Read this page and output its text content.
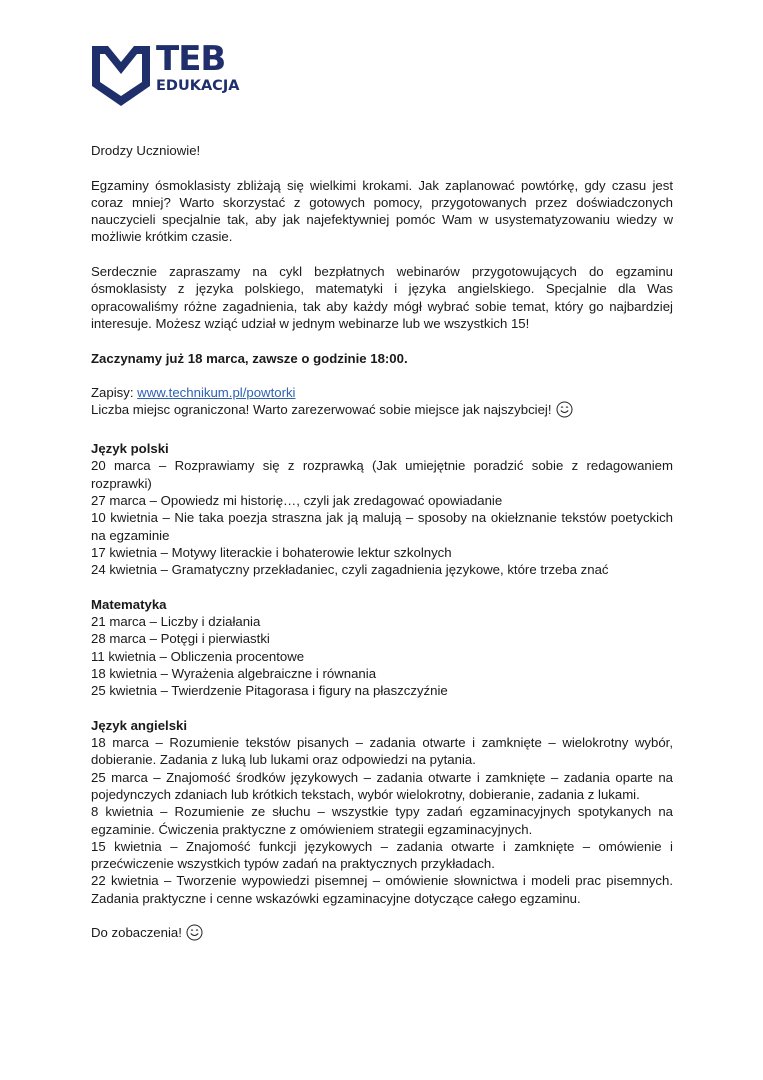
TEB
EDUKACJA

Drodzy Uczniowie!

Egzaminy ósmoklasisty zbliżają się wielkimi krokami. Jak zaplanować powtórkę, gdy czasu jest coraz mniej? Warto skorzystać z gotowych pomocy, przygotowanych przez doświadczonych nauczycieli specjalnie tak, aby jak najefektywniej pomóc Wam w usystematyzowaniu wiedzy w możliwie krótkim czasie.

Serdecznie zapraszamy na cykl bezpłatnych webinarów przygotowujących do egzaminu ósmoklasisty z języka polskiego, matematyki i języka angielskiego. Specjalnie dla Was opracowaliśmy różne zagadnienia, tak aby każdy mógł wybrać sobie temat, który go najbardziej interesuje. Możesz wziąć udział w jednym webinarze lub we wszystkich 15!

Zaczynamy już 18 marca, zawsze o godzinie 18:00.

Zapisy: www.technikum.pl/powtorki

Liczba miejsc ograniczona! Warto zarezerwować sobie miejsce jak najszybciej!

Język polski
20 marca – Rozprawiamy się z rozprawką (Jak umiejętnie poradzić sobie z redagowaniem rozprawki)
27 marca – Opowiedz mi historię…, czyli jak zredagować opowiadanie
10 kwietnia – Nie taka poezja straszna jak ją malują – sposoby na okiełznanie tekstów poetyckich na egzaminie
17 kwietnia – Motywy literackie i bohaterowie lektur szkolnych
24 kwietnia – Gramatyczny przekładaniec, czyli zagadnienia językowe, które trzeba znać
Matematyka
21 marca – Liczby i działania
28 marca – Potęgi i pierwiastki
11 kwietnia – Obliczenia procentowe
18 kwietnia – Wyrażenia algebraiczne i równania
25 kwietnia – Twierdzenie Pitagorasa i figury na płaszczyźnie
Język angielski
18 marca – Rozumienie tekstów pisanych – zadania otwarte i zamknięte – wielokrotny wybór, dobieranie. Zadania z luką lub lukami oraz odpowiedzi na pytania.
25 marca – Znajomość środków językowych – zadania otwarte i zamknięte – zadania oparte na pojedynczych zdaniach lub krótkich tekstach, wybór wielokrotny, dobieranie, zadania z lukami.
8 kwietnia – Rozumienie ze słuchu – wszystkie typy zadań egzaminacyjnych spotykanych na egzaminie. Ćwiczenia praktyczne z omówieniem strategii egzaminacyjnych.
15 kwietnia – Znajomość funkcji językowych – zadania otwarte i zamknięte – omówienie i przećwiczenie wszystkich typów zadań na praktycznych przykładach.
22 kwietnia – Tworzenie wypowiedzi pisemnej – omówienie słownictwa i modeli prac pisemnych. Zadania praktyczne i cenne wskazówki egzaminacyjne dotyczące całego egzaminu.

Do zobaczenia!
